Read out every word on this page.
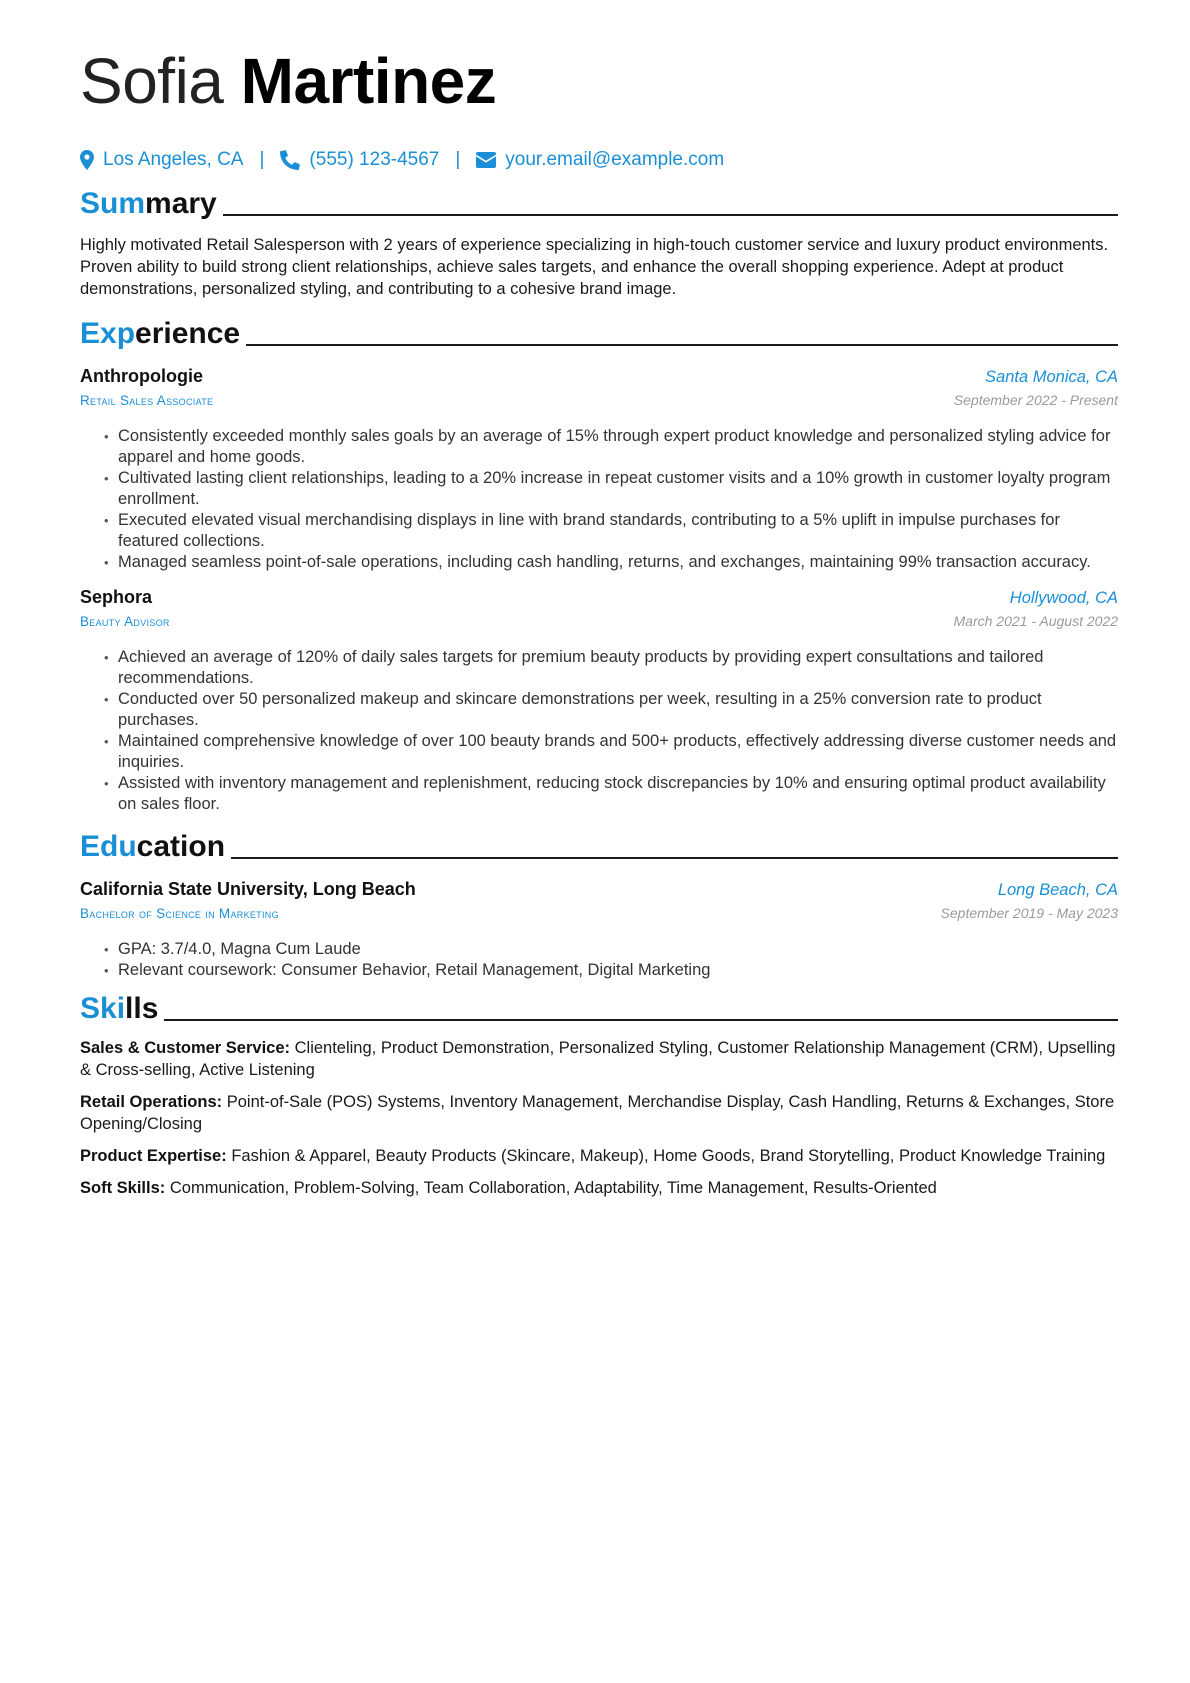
Sofia Martinez
Los Angeles, CA | (555) 123-4567 | your.email@example.com
Summary
Highly motivated Retail Salesperson with 2 years of experience specializing in high-touch customer service and luxury product environments. Proven ability to build strong client relationships, achieve sales targets, and enhance the overall shopping experience. Adept at product demonstrations, personalized styling, and contributing to a cohesive brand image.
Experience
Anthropologie	Santa Monica, CA
Retail Sales Associate	September 2022 - Present
• Consistently exceeded monthly sales goals by an average of 15% through expert product knowledge and personalized styling advice for apparel and home goods.
• Cultivated lasting client relationships, leading to a 20% increase in repeat customer visits and a 10% growth in customer loyalty program enrollment.
• Executed elevated visual merchandising displays in line with brand standards, contributing to a 5% uplift in impulse purchases for featured collections.
• Managed seamless point-of-sale operations, including cash handling, returns, and exchanges, maintaining 99% transaction accuracy.
Sephora	Hollywood, CA
Beauty Advisor	March 2021 - August 2022
• Achieved an average of 120% of daily sales targets for premium beauty products by providing expert consultations and tailored recommendations.
• Conducted over 50 personalized makeup and skincare demonstrations per week, resulting in a 25% conversion rate to product purchases.
• Maintained comprehensive knowledge of over 100 beauty brands and 500+ products, effectively addressing diverse customer needs and inquiries.
• Assisted with inventory management and replenishment, reducing stock discrepancies by 10% and ensuring optimal product availability on sales floor.
Education
California State University, Long Beach	Long Beach, CA
Bachelor of Science in Marketing	September 2019 - May 2023
• GPA: 3.7/4.0, Magna Cum Laude
• Relevant coursework: Consumer Behavior, Retail Management, Digital Marketing
Skills
Sales & Customer Service: Clienteling, Product Demonstration, Personalized Styling, Customer Relationship Management (CRM), Upselling & Cross-selling, Active Listening
Retail Operations: Point-of-Sale (POS) Systems, Inventory Management, Merchandise Display, Cash Handling, Returns & Exchanges, Store Opening/Closing
Product Expertise: Fashion & Apparel, Beauty Products (Skincare, Makeup), Home Goods, Brand Storytelling, Product Knowledge Training
Soft Skills: Communication, Problem-Solving, Team Collaboration, Adaptability, Time Management, Results-Oriented
